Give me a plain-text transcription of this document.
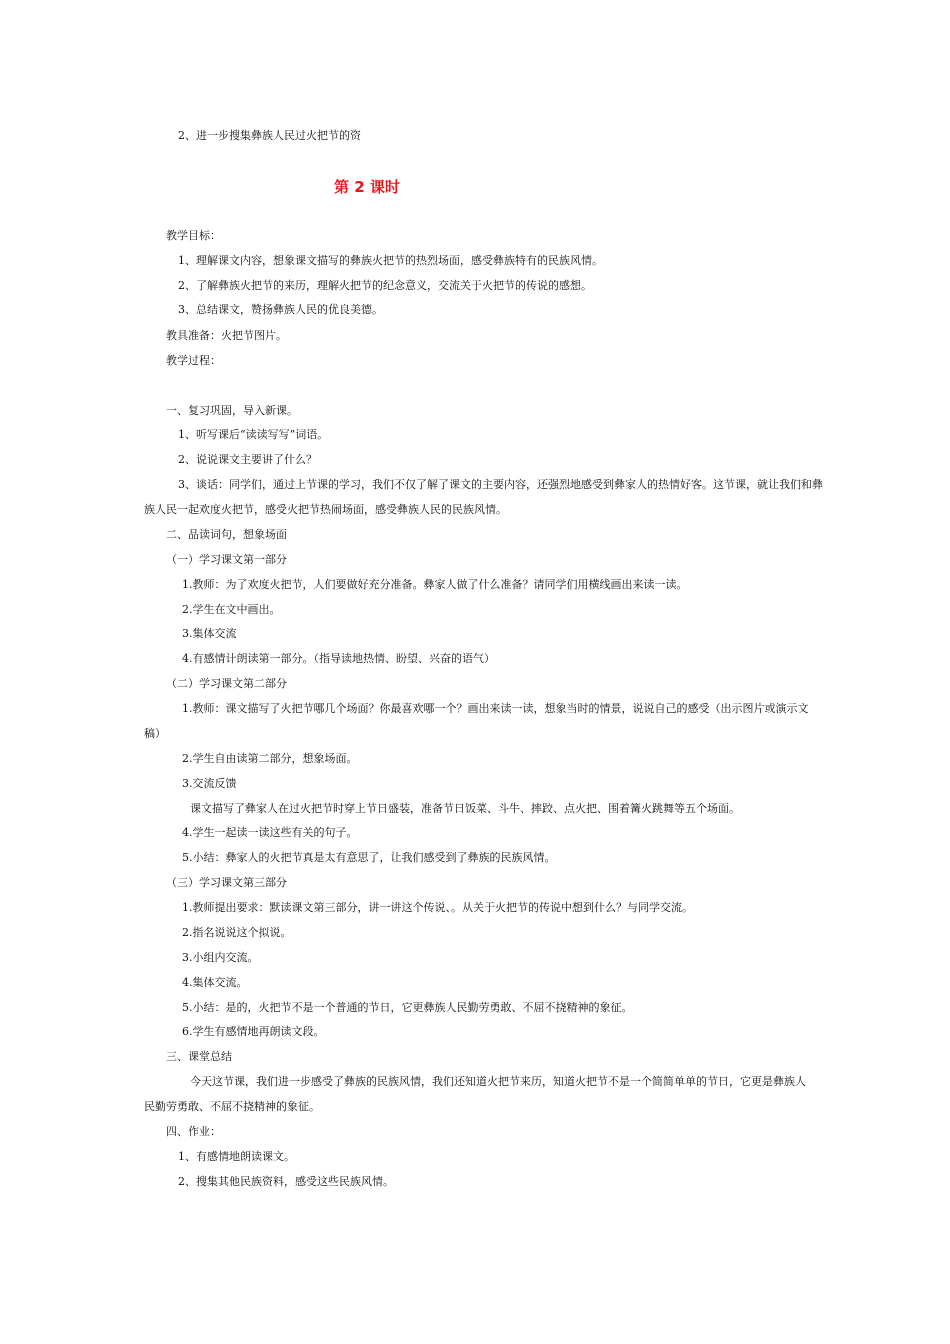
2、进一步搜集彝族人民过火把节的资
第 2 课时
教学目标：
1、理解课文内容，想象课文描写的彝族火把节的热烈场面，感受彝族特有的民族风情。
2、了解彝族火把节的来历，理解火把节的纪念意义，交流关于火把节的传说的感想。
3、总结课文，赞扬彝族人民的优良美德。
教具准备：火把节图片。
教学过程：
一、复习巩固，导入新课。
1、听写课后“读读写写”词语。
2、说说课文主要讲了什么？
3、谈话：同学们，通过上节课的学习，我们不仅了解了课文的主要内容，还强烈地感受到彝家人的热情好客。这节课，就让我们和彝
族人民一起欢度火把节，感受火把节热闹场面，感受彝族人民的民族风情。
二、品读词句，想象场面
（一）学习课文第一部分
1.教师：为了欢度火把节，人们要做好充分准备。彝家人做了什么准备？请同学们用横线画出来读一读。
2.学生在文中画出。
3.集体交流
4.有感情计朗读第一部分。（指导读地热情、盼望、兴奋的语气）
（二）学习课文第二部分
1.教师：课文描写了火把节哪几个场面？你最喜欢哪一个？画出来读一读，想象当时的情景，说说自己的感受（出示图片或演示文
稿）
2.学生自由读第二部分，想象场面。
3.交流反馈
课文描写了彝家人在过火把节时穿上节日盛装，准备节日饭菜、斗牛、摔跤、点火把、围着篝火跳舞等五个场面。
4.学生一起读一读这些有关的句子。
5.小结：彝家人的火把节真是太有意思了，让我们感受到了彝族的民族风情。
（三）学习课文第三部分
1.教师提出要求：默读课文第三部分，讲一讲这个传说、。从关于火把节的传说中想到什么？与同学交流。
2.指名说说这个拟说。
3.小组内交流。
4.集体交流。
5.小结：是的，火把节不是一个普通的节日，它更彝族人民勤劳勇敢、不屈不挠精神的象征。
6.学生有感情地再朗读文段。
三、课堂总结
今天这节课，我们进一步感受了彝族的民族风情，我们还知道火把节来历，知道火把节不是一个简简单单的节日，它更是彝族人
民勤劳勇敢、不屈不挠精神的象征。
四、作业：
1、有感情地朗读课文。
2、搜集其他民族资料，感受这些民族风情。
